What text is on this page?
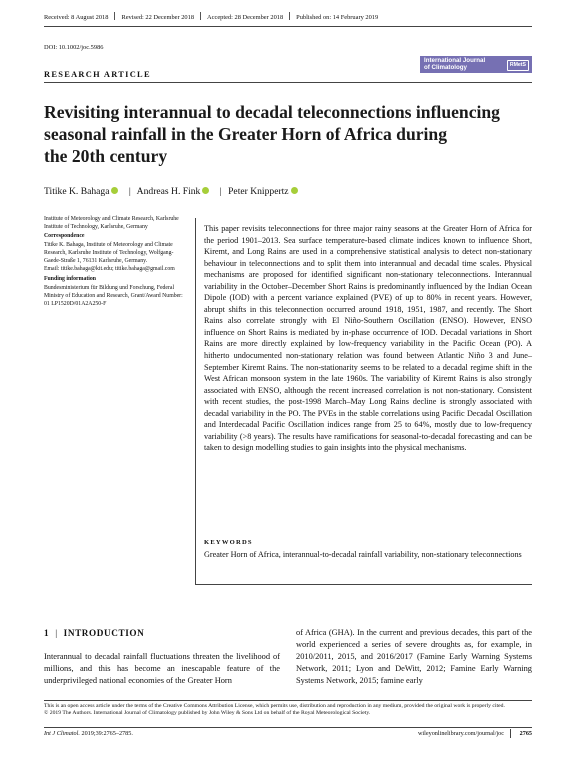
Received: 8 August 2018 Revised: 22 December 2018 Accepted: 28 December 2018 Published on: 14 February 2019
DOI: 10.1002/joc.5986
RESEARCH ARTICLE
International Journal
of Climatology	RMetS
Revisiting interannual to decadal teleconnections influencing
seasonal rainfall in the Greater Horn of Africa during
the 20th century
Titike K. Bahaga | Andreas H. Fink | Peter Knippertz

Institute of Meteorology and Climate Research, Karlsruhe Institute of Technology, Karlsruhe, Germany

Correspondence

Titike K. Bahaga, Institute of Meteorology and Climate Research, Karlsruhe Institute of Technology, Wolfgang-Gaede-Straße 1, 76131 Karlsruhe, Germany.

Email: titike.bahaga@kit.edu; titike.bahaga@gmail.com

Funding information

Bundesministerium für Bildung und Forschung, Federal Ministry of Education and Research, Grant/Award Number: 01 LP1520D/01A2A250-F

This paper revisits teleconnections for three major rainy seasons at the Greater Horn of Africa for the period 1901–2013. Sea surface temperature-based climate indices known to influence Short, Kiremt, and Long Rains are used in a comprehensive statistical analysis to detect non-stationary behaviour in teleconnections and to split them into interannual and decadal time scales. Physical mechanisms are proposed for identified significant non-stationary teleconnections. Interannual variability in the October–December Short Rains is predominantly influenced by the Indian Ocean Dipole (IOD) with a percent variance explained (PVE) of up to 80% in recent years. However, abrupt shifts in this teleconnection occurred around 1918, 1951, 1987, and recently. The Short Rains also correlate strongly with El Niño-Southern Oscillation (ENSO). However, ENSO influence on Short Rains is mediated by in-phase occurrence of IOD. Decadal variations in Short Rains are more directly explained by low-frequency variability in the Pacific Ocean (PO). A hitherto undocumented non-stationary relation was found between Atlantic Niño 3 and June–September Kiremt Rains. The non-stationarity seems to be related to a decadal regime shift in the West African monsoon system in the late 1960s. The variability of Kiremt Rains is also strongly associated with ENSO, although the recent increased correlation is not non-stationary. Consistent with recent studies, the post-1998 March–May Long Rains decline is strongly associated with decadal variability in the PO. The PVEs in the stable correlations using Pacific Decadal Oscillation and Interdecadal Pacific Oscillation indices range from 25 to 64%, mostly due to low-frequency variability (>8 years). The results have ramifications for seasonal-to-decadal forecasting and can be taken to design modelling studies to gain insights into the physical mechanisms.
KEYWORDS
Greater Horn of Africa, interannual-to-decadal rainfall variability, non-stationary teleconnections
1 | INTRODUCTION
Interannual to decadal rainfall fluctuations threaten the livelihood of millions, and this has become an inescapable feature of the underprivileged national economies of the Greater Horn
of Africa (GHA). In the current and previous decades, this part of the world experienced a series of severe droughts as, for example, in 2010/2011, 2015, and 2016/2017 (Famine Early Warning Systems Network, 2011; Lyon and DeWitt, 2012; Famine Early Warning Systems Network, 2015; famine early

This is an open access article under the terms of the Creative Commons Attribution License, which permits use, distribution and reproduction in any medium, provided the original work is properly cited.

© 2019 The Authors. International Journal of Climatology published by John Wiley & Sons Ltd on behalf of the Royal Meteorological Society.

Int J Climatol. 2019;39:2765–2785.	wileyonlinelibrary.com/journal/joc	2765
